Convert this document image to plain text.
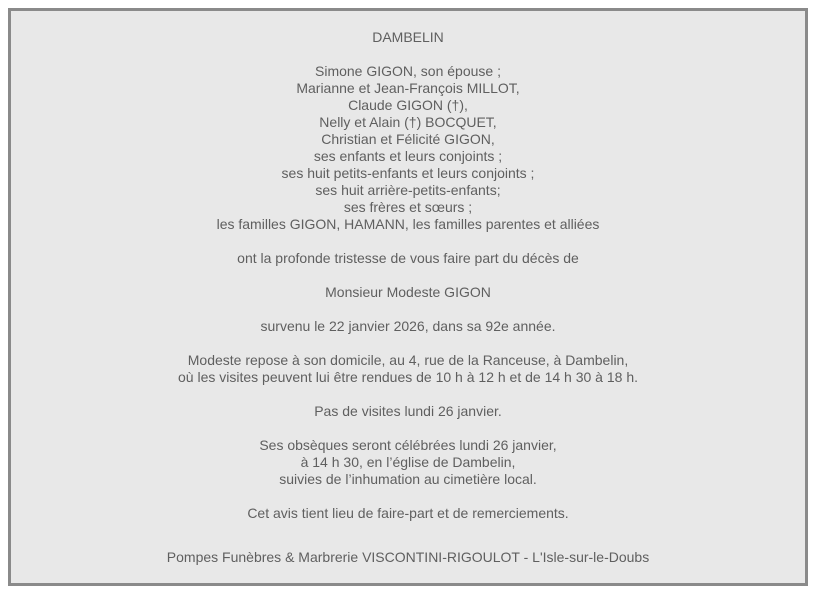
DAMBELIN
Simone GIGON, son épouse ;
Marianne et Jean-François MILLOT,
Claude GIGON (†),
Nelly et Alain (†) BOCQUET,
Christian et Félicité GIGON,
ses enfants et leurs conjoints ;
ses huit petits-enfants et leurs conjoints ;
ses huit arrière-petits-enfants;
ses frères et sœurs ;
les familles GIGON, HAMANN, les familles parentes et alliées
ont la profonde tristesse de vous faire part du décès de
Monsieur Modeste GIGON
survenu le 22 janvier 2026, dans sa 92e année.
Modeste repose à son domicile, au 4, rue de la Ranceuse, à Dambelin,
où les visites peuvent lui être rendues de 10 h à 12 h et de 14 h 30 à 18 h.
Pas de visites lundi 26 janvier.
Ses obsèques seront célébrées lundi 26 janvier,
à 14 h 30, en l’église de Dambelin,
suivies de l’inhumation au cimetière local.
Cet avis tient lieu de faire-part et de remerciements.
Pompes Funèbres & Marbrerie VISCONTINI-RIGOULOT - L'Isle-sur-le-Doubs
